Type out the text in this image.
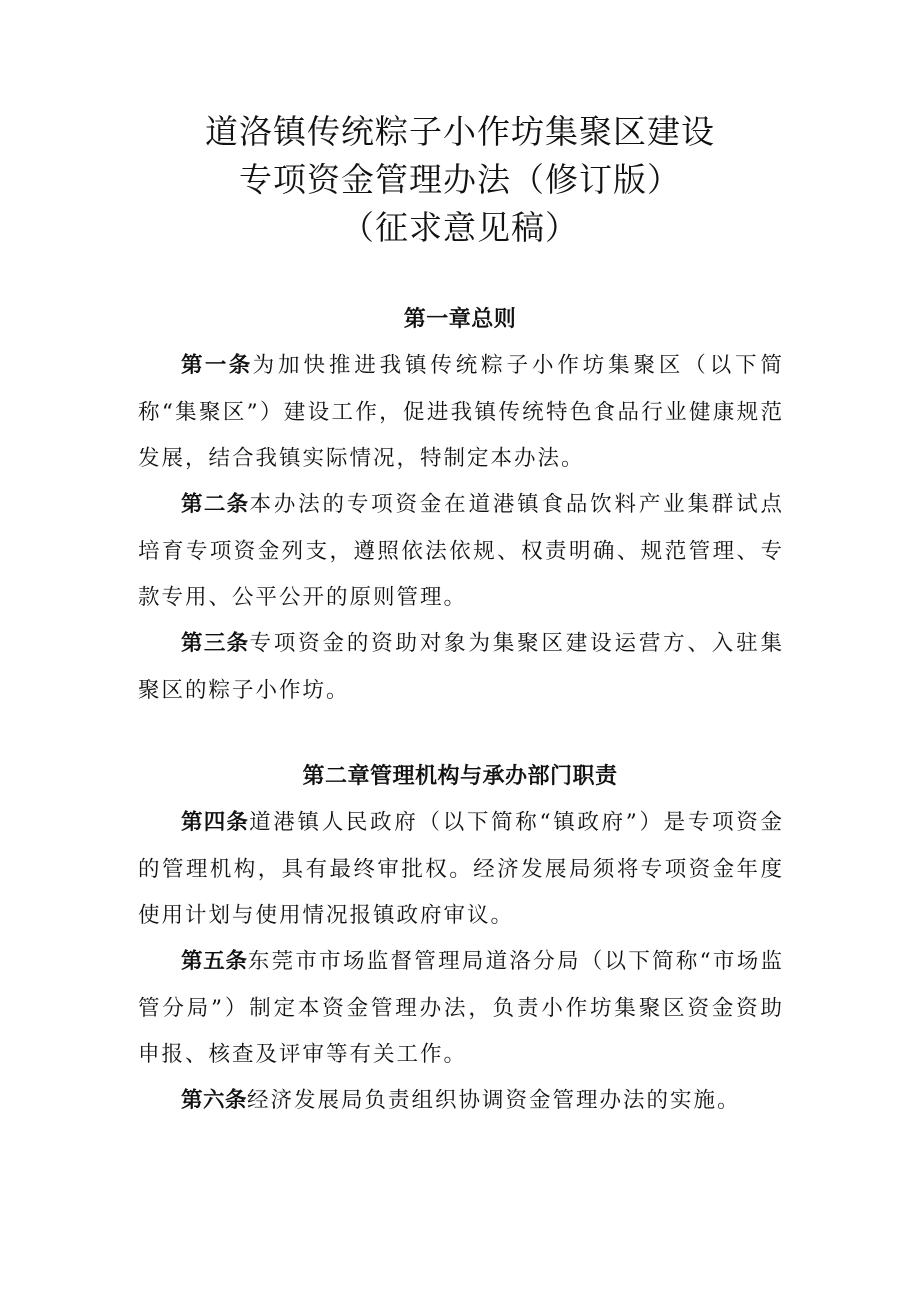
道洛镇传统粽子小作坊集聚区建设
专项资金管理办法（修订版）
（征求意见稿）
第一章总则

第一条为加快推进我镇传统粽子小作坊集聚区（以下简称“集聚区”）建设工作，促进我镇传统特色食品行业健康规范发展，结合我镇实际情况，特制定本办法。

第二条本办法的专项资金在道港镇食品饮料产业集群试点培育专项资金列支，遵照依法依规、权责明确、规范管理、专款专用、公平公开的原则管理。

第三条专项资金的资助对象为集聚区建设运营方、入驻集聚区的粽子小作坊。

第二章管理机构与承办部门职责

第四条道港镇人民政府（以下简称“镇政府”）是专项资金的管理机构，具有最终审批权。经济发展局须将专项资金年度使用计划与使用情况报镇政府审议。

第五条东莞市市场监督管理局道洛分局（以下简称“市场监管分局”）制定本资金管理办法，负责小作坊集聚区资金资助申报、核查及评审等有关工作。

第六条经济发展局负责组织协调资金管理办法的实施。
